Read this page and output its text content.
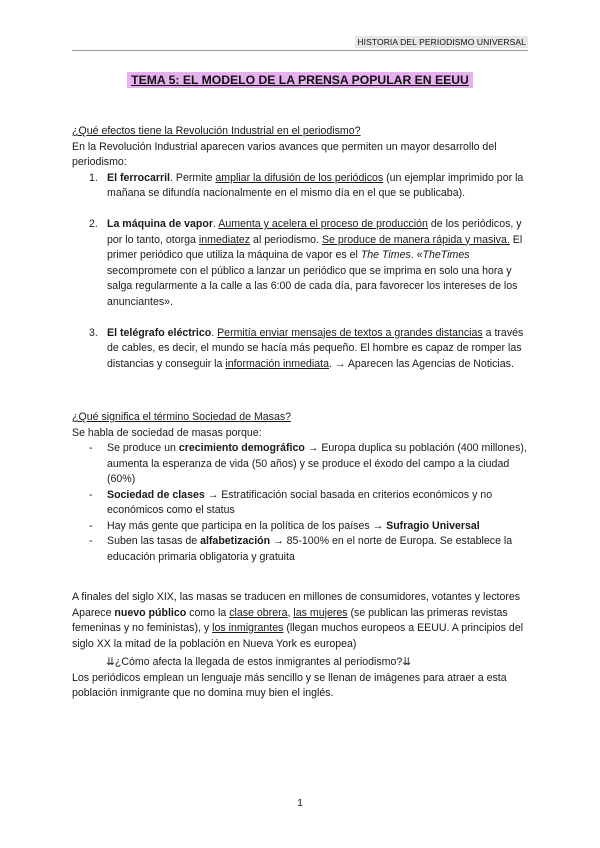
HISTORIA DEL PERIODISMO UNIVERSAL
TEMA 5: EL MODELO DE LA PRENSA POPULAR EN EEUU

¿Qué efectos tiene la Revolución Industrial en el periodismo?

En la Revolución Industrial aparecen varios avances que permiten un mayor desarrollo del periodismo:

1. El ferrocarril. Permite ampliar la difusión de los periódicos (un ejemplar imprimido por la mañana se difundía nacionalmente en el mismo día en el que se publicaba).
2. La máquina de vapor. Aumenta y acelera el proceso de producción de los periódicos, y por lo tanto, otorga inmediatez al periodismo. Se produce de manera rápida y masiva. El primer periódico que utiliza la máquina de vapor es el The Times. «TheTimes secompromete con el público a lanzar un periódico que se imprima en solo una hora y salga regularmente a la calle a las 6:00 de cada día, para favorecer los intereses de los anunciantes».
3. El telégrafo eléctrico. Permitía enviar mensajes de textos a grandes distancias a través de cables, es decir, el mundo se hacía más pequeño. El hombre es capaz de romper las distancias y conseguir la información inmediata. → Aparecen las Agencias de Noticias.

¿Qué significa el término Sociedad de Masas?

Se habla de sociedad de masas porque:

- Se produce un crecimiento demográfico → Europa duplica su población (400 millones), aumenta la esperanza de vida (50 años) y se produce el éxodo del campo a la ciudad (60%)
- Sociedad de clases → Estratificación social basada en criterios económicos y no económicos como el status
- Hay más gente que participa en la política de los países → Sufragio Universal
- Suben las tasas de alfabetización → 85-100% en el norte de Europa. Se establece la educación primaria obligatoria y gratuita

A finales del siglo XIX, las masas se traducen en millones de consumidores, votantes y lectores

Aparece nuevo público como la clase obrera, las mujeres (se publican las primeras revistas femeninas y no feministas), y los inmigrantes (llegan muchos europeos a EEUU. A principios del siglo XX la mitad de la población en Nueva York es europea)

⇊¿Cómo afecta la llegada de estos inmigrantes al periodismo?⇊

Los periódicos emplean un lenguaje más sencillo y se llenan de imágenes para atraer a esta población inmigrante que no domina muy bien el inglés.

1
